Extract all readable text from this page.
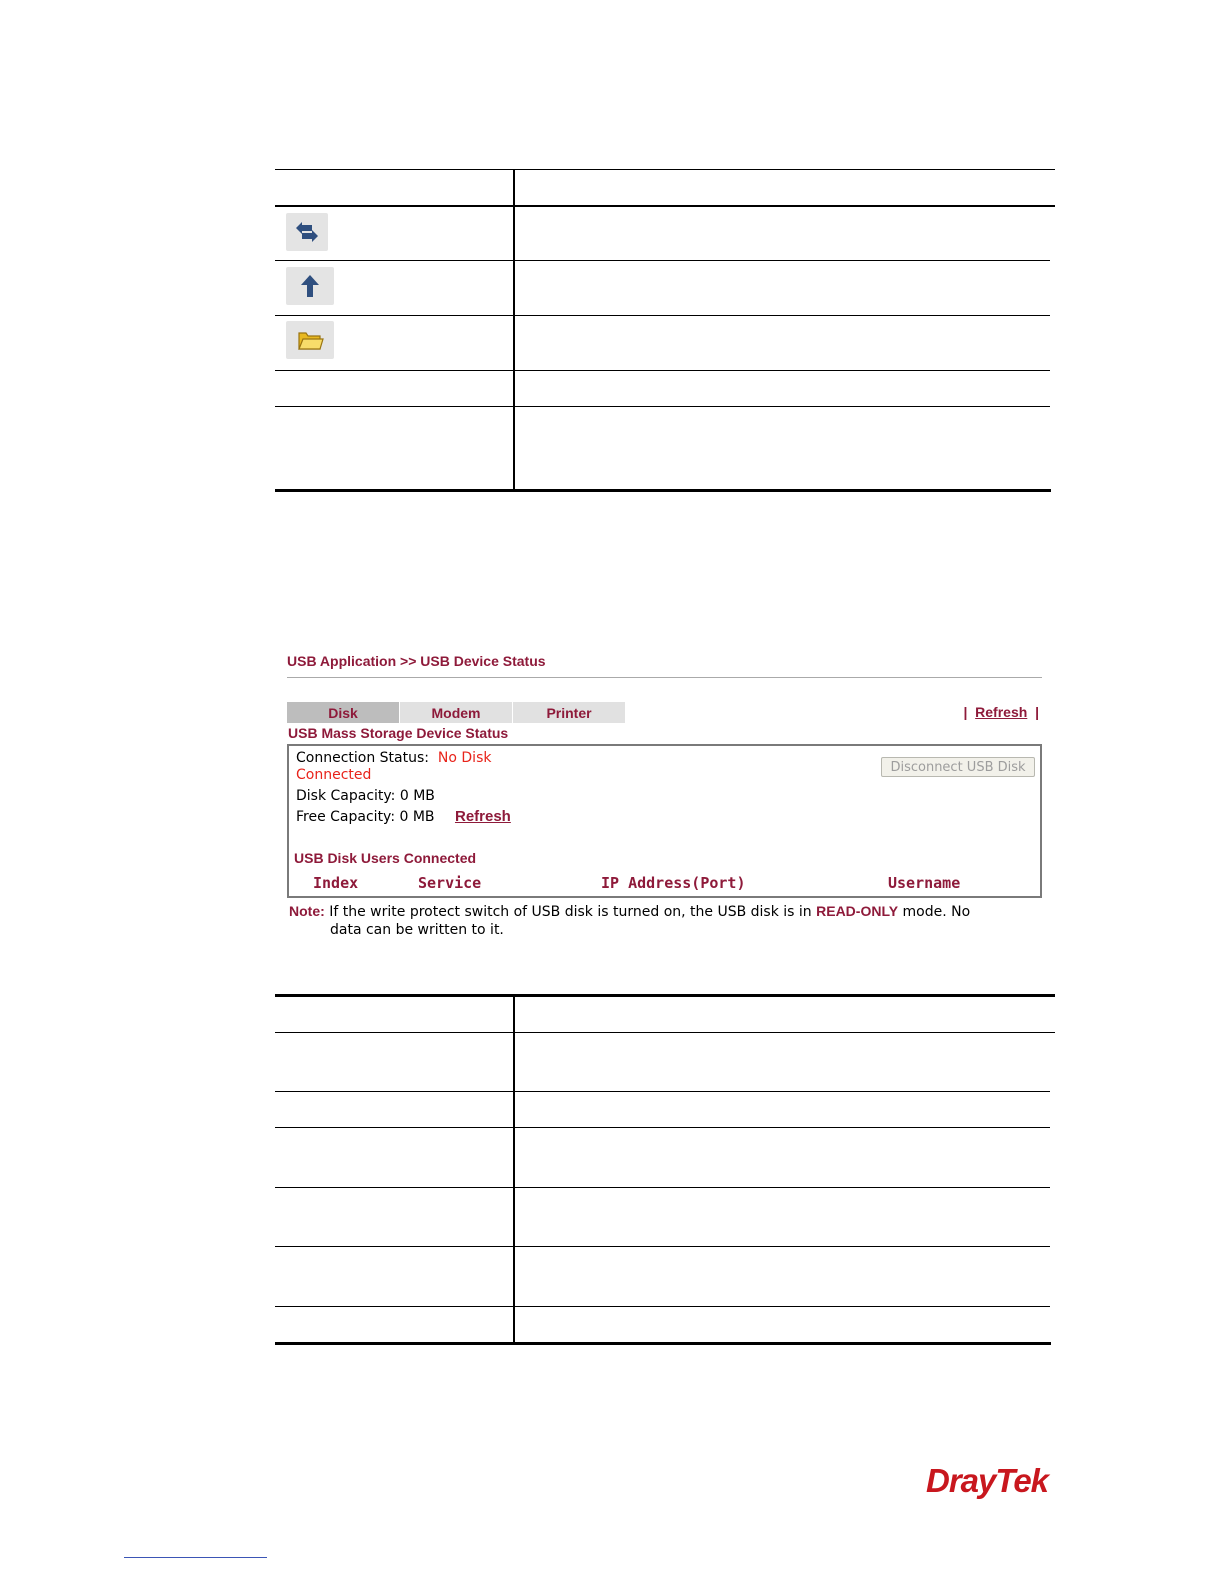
USB Application >> USB Device Status
Disk	Modem	Printer	| Refresh |
USB Mass Storage Device Status
Connection Status: No Disk
Connected
Disk Capacity: 0 MB
Free Capacity: 0 MB Refresh
Disconnect USB Disk
USB Disk Users Connected
Index	Service	IP Address(Port)	Username
Note: If the write protect switch of USB disk is turned on, the USB disk is in READ-ONLY mode. No
data can be written to it.
DrayTek
